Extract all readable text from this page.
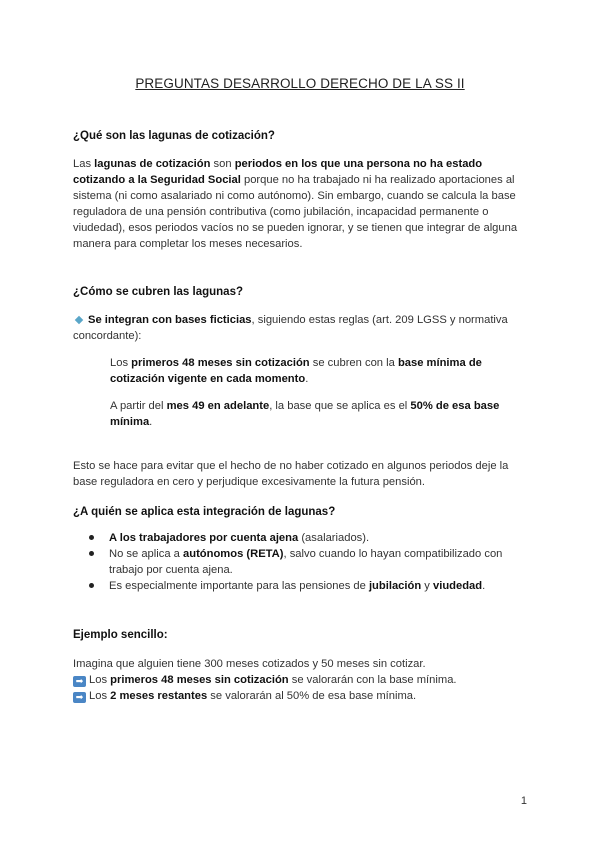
PREGUNTAS DESARROLLO DERECHO DE LA SS II
¿Qué son las lagunas de cotización?
Las lagunas de cotización son periodos en los que una persona no ha estado cotizando a la Seguridad Social porque no ha trabajado ni ha realizado aportaciones al sistema (ni como asalariado ni como autónomo). Sin embargo, cuando se calcula la base reguladora de una pensión contributiva (como jubilación, incapacidad permanente o viudedad), esos periodos vacíos no se pueden ignorar, y se tienen que integrar de alguna manera para completar los meses necesarios.
¿Cómo se cubren las lagunas?
Se integran con bases ficticias, siguiendo estas reglas (art. 209 LGSS y normativa concordante):
Los primeros 48 meses sin cotización se cubren con la base mínima de cotización vigente en cada momento.
A partir del mes 49 en adelante, la base que se aplica es el 50% de esa base mínima.
Esto se hace para evitar que el hecho de no haber cotizado en algunos periodos deje la base reguladora en cero y perjudique excesivamente la futura pensión.
¿A quién se aplica esta integración de lagunas?
A los trabajadores por cuenta ajena (asalariados).
No se aplica a autónomos (RETA), salvo cuando lo hayan compatibilizado con trabajo por cuenta ajena.
Es especialmente importante para las pensiones de jubilación y viudedad.
Ejemplo sencillo:
Imagina que alguien tiene 300 meses cotizados y 50 meses sin cotizar.
➡ Los primeros 48 meses sin cotización se valorarán con la base mínima.
➡ Los 2 meses restantes se valorarán al 50% de esa base mínima.
1
